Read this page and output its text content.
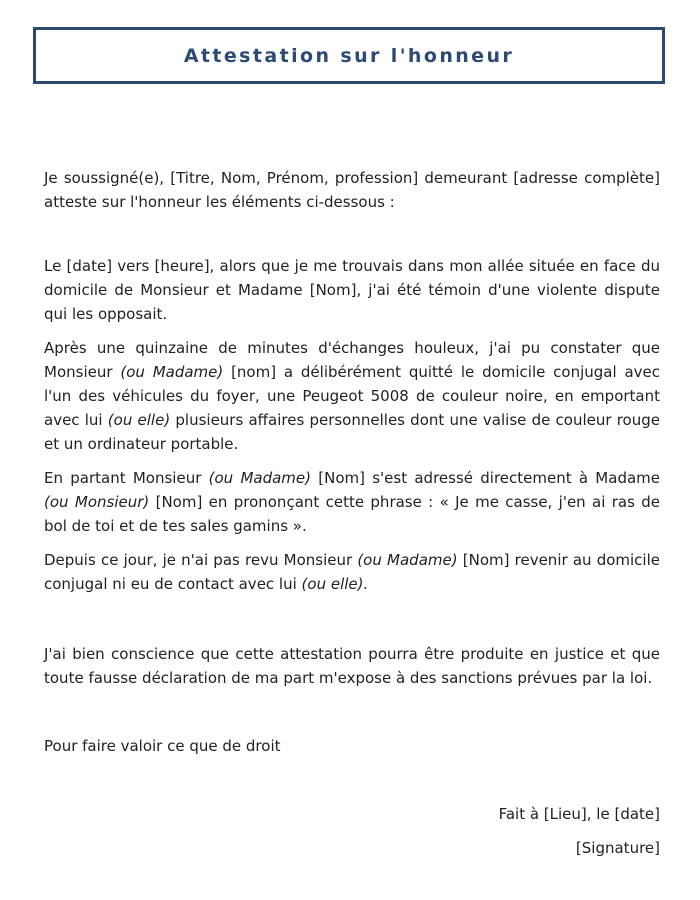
Attestation sur l'honneur

Je soussigné(e), [Titre, Nom, Prénom, profession] demeurant [adresse complète] atteste sur l'honneur les éléments ci-dessous :

Le [date] vers [heure], alors que je me trouvais dans mon allée située en face du domicile de Monsieur et Madame [Nom], j'ai été témoin d'une violente dispute qui les opposait.

Après une quinzaine de minutes d'échanges houleux, j'ai pu constater que Monsieur (ou Madame) [nom] a délibérément quitté le domicile conjugal avec l'un des véhicules du foyer, une Peugeot 5008 de couleur noire, en emportant avec lui (ou elle) plusieurs affaires personnelles dont une valise de couleur rouge et un ordinateur portable.

En partant Monsieur (ou Madame) [Nom] s'est adressé directement à Madame (ou Monsieur) [Nom] en prononçant cette phrase : « Je me casse, j'en ai ras de bol de toi et de tes sales gamins ».

Depuis ce jour, je n'ai pas revu Monsieur (ou Madame) [Nom] revenir au domicile conjugal ni eu de contact avec lui (ou elle).

J'ai bien conscience que cette attestation pourra être produite en justice et que toute fausse déclaration de ma part m'expose à des sanctions prévues par la loi.

Pour faire valoir ce que de droit

Fait à [Lieu], le [date]

[Signature]
